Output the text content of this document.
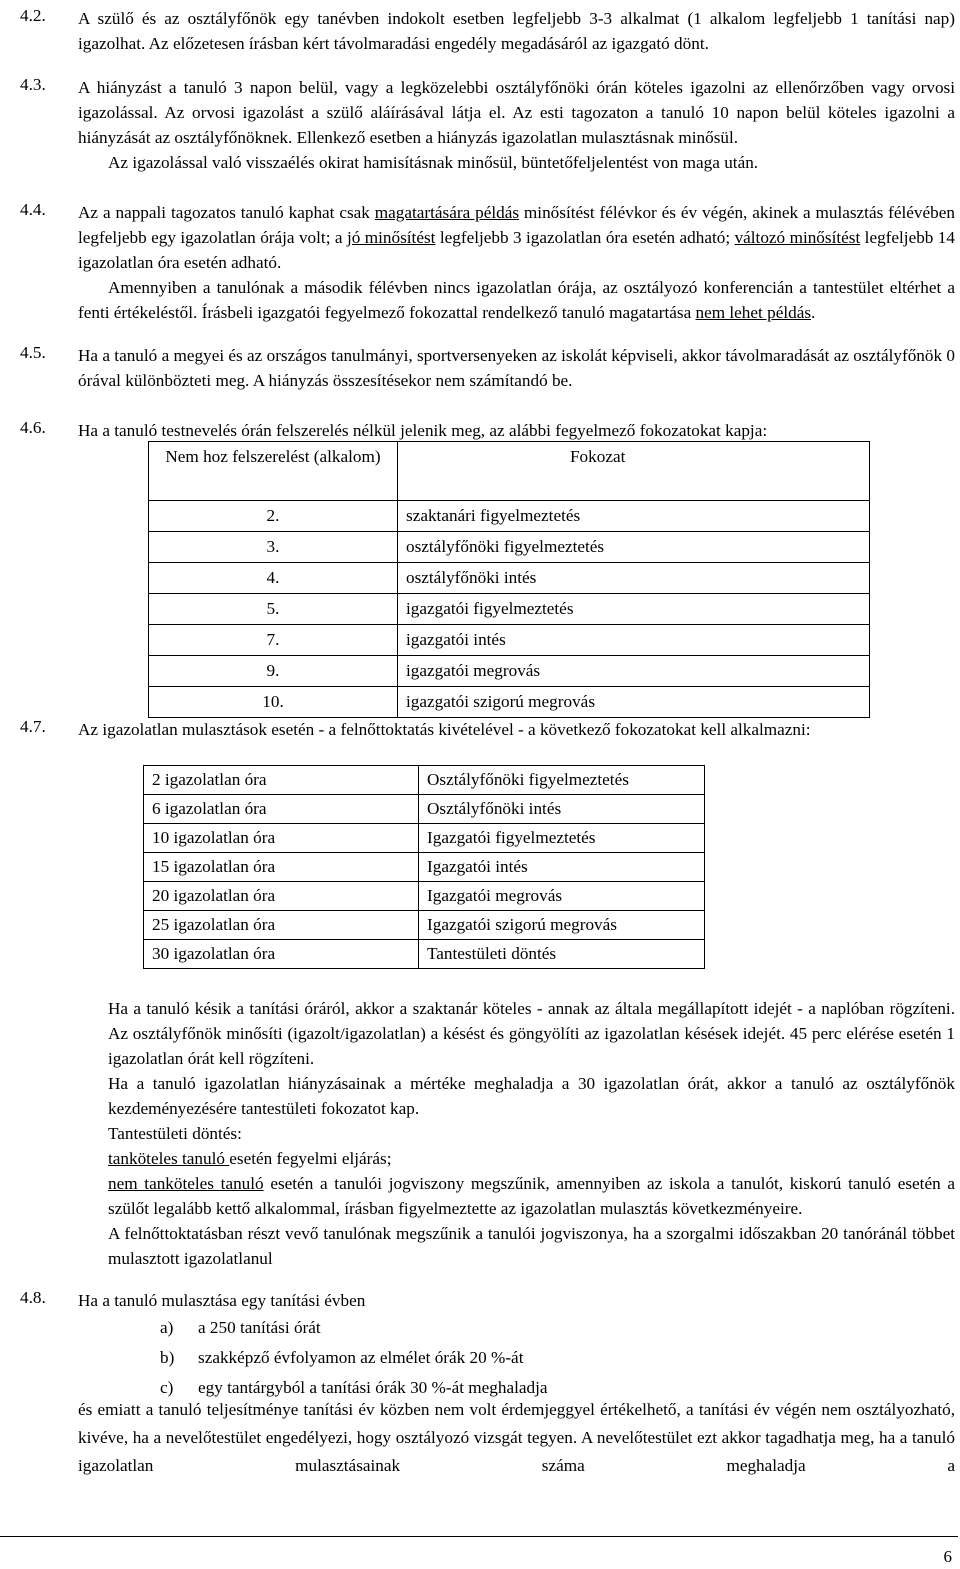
4.2.	A szülő és az osztályfőnök egy tanévben indokolt esetben legfeljebb 3-3 alkalmat (1 alkalom legfeljebb 1 tanítási nap) igazolhat. Az előzetesen írásban kért távolmaradási engedély megadásáról az igazgató dönt.

4.3.	A hiányzást a tanuló 3 napon belül, vagy a legközelebbi osztályfőnöki órán köteles igazolni az ellenőrzőben vagy orvosi igazolással. Az orvosi igazolást a szülő aláírásával látja el. Az esti tagozaton a tanuló 10 napon belül köteles igazolni a hiányzását az osztályfőnöknek. Ellenkező esetben a hiányzás igazolatlan mulasztásnak minősül.

Az igazolással való visszaélés okirat hamisításnak minősül, büntetőfeljelentést von maga után.

4.4.	Az a nappali tagozatos tanuló kaphat csak magatartására példás minősítést félévkor és év végén, akinek a mulasztás félévében legfeljebb egy igazolatlan órája volt; a jó minősítést legfeljebb 3 igazolatlan óra esetén adható; változó minősítést legfeljebb 14 igazolatlan óra esetén adható.

Amennyiben a tanulónak a második félévben nincs igazolatlan órája, az osztályozó konferencián a tantestület eltérhet a fenti értékeléstől. Írásbeli igazgatói fegyelmező fokozattal rendelkező tanuló magatartása nem lehet példás.

4.5.	Ha a tanuló a megyei és az országos tanulmányi, sportversenyeken az iskolát képviseli, akkor távolmaradását az osztályfőnök 0 órával különbözteti meg. A hiányzás összesítésekor nem számítandó be.

4.6.	Ha a tanuló testnevelés órán felszerelés nélkül jelenik meg, az alábbi fegyelmező fokozatokat kapja:

Nem hoz felszerelést (alkalom)	Fokozat
2.	szaktanári figyelmeztetés
3.	osztályfőnöki figyelmeztetés
4.	osztályfőnöki intés
5.	igazgatói figyelmeztetés
7.	igazgatói intés
9.	igazgatói megrovás
10.	igazgatói szigorú megrovás
4.7.	Az igazolatlan mulasztások esetén - a felnőttoktatás kivételével - a következő fokozatokat kell alkalmazni:

2 igazolatlan óra	Osztályfőnöki figyelmeztetés
6 igazolatlan óra	Osztályfőnöki intés
10 igazolatlan óra	Igazgatói figyelmeztetés
15 igazolatlan óra	Igazgatói intés
20 igazolatlan óra	Igazgatói megrovás
25 igazolatlan óra	Igazgatói szigorú megrovás
30 igazolatlan óra	Tantestületi döntés

Ha a tanuló késik a tanítási óráról, akkor a szaktanár köteles - annak az általa megállapított idejét - a naplóban rögzíteni. Az osztályfőnök minősíti (igazolt/igazolatlan) a késést és göngyölíti az igazolatlan késések idejét. 45 perc elérése esetén 1 igazolatlan órát kell rögzíteni.

Ha a tanuló igazolatlan hiányzásainak a mértéke meghaladja a 30 igazolatlan órát, akkor a tanuló az osztályfőnök kezdeményezésére tantestületi fokozatot kap.

Tantestületi döntés:

tanköteles tanuló esetén fegyelmi eljárás;

nem tanköteles tanuló esetén a tanulói jogviszony megszűnik, amennyiben az iskola a tanulót, kiskorú tanuló esetén a szülőt legalább kettő alkalommal, írásban figyelmeztette az igazolatlan mulasztás következményeire.

A felnőttoktatásban részt vevő tanulónak megszűnik a tanulói jogviszonya, ha a szorgalmi időszakban 20 tanóránál többet mulasztott igazolatlanul

4.8.	Ha a tanuló mulasztása egy tanítási évben

a) a 250 tanítási órát
b) szakképző évfolyamon az elmélet órák 20 %-át
c) egy tantárgyból a tanítási órák 30 %-át meghaladja

és emiatt a tanuló teljesítménye tanítási év közben nem volt érdemjeggyel értékelhető, a tanítási év végén nem osztályozható, kivéve, ha a nevelőtestület engedélyezi, hogy osztályozó vizsgát tegyen. A nevelőtestület ezt akkor tagadhatja meg, ha a tanuló igazolatlan mulasztásainak száma meghaladja a

6
